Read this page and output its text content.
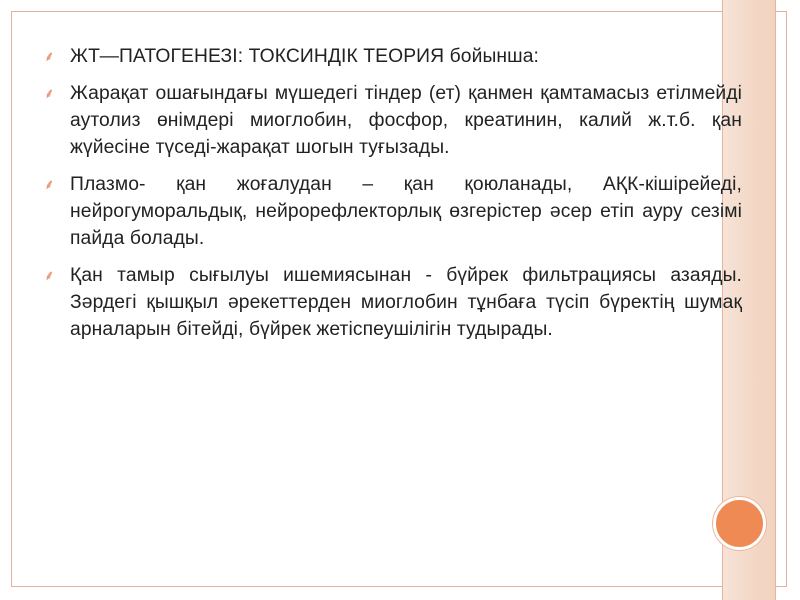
⸙ ЖТ—ПАТОГЕНЕЗІ: ТОКСИНДІК ТЕОРИЯ бойынша:
⸙ Жарақат ошағындағы мүшедегі тіндер (ет) қанмен қамтамасыз етілмейді аутолиз өнімдері миоглобин, фосфор, креатинин, калий ж.т.б. қан жүйесіне түседі-жарақат шогын туғызады.
⸙ Плазмо- қан жоғалудан – қан қоюланады, АҚК-кішірейеді, нейрогуморальдық, нейрорефлекторлық өзгерістер әсер етіп ауру сезімі пайда болады.
⸙ Қан тамыр сығылуы ишемиясынан - бүйрек фильтрациясы азаяды. Зәрдегі қышқыл әрекеттерден миоглобин тұнбаға түсіп бүректің шумақ арналарын бітейді, бүйрек жетіспеушілігін тудырады.
